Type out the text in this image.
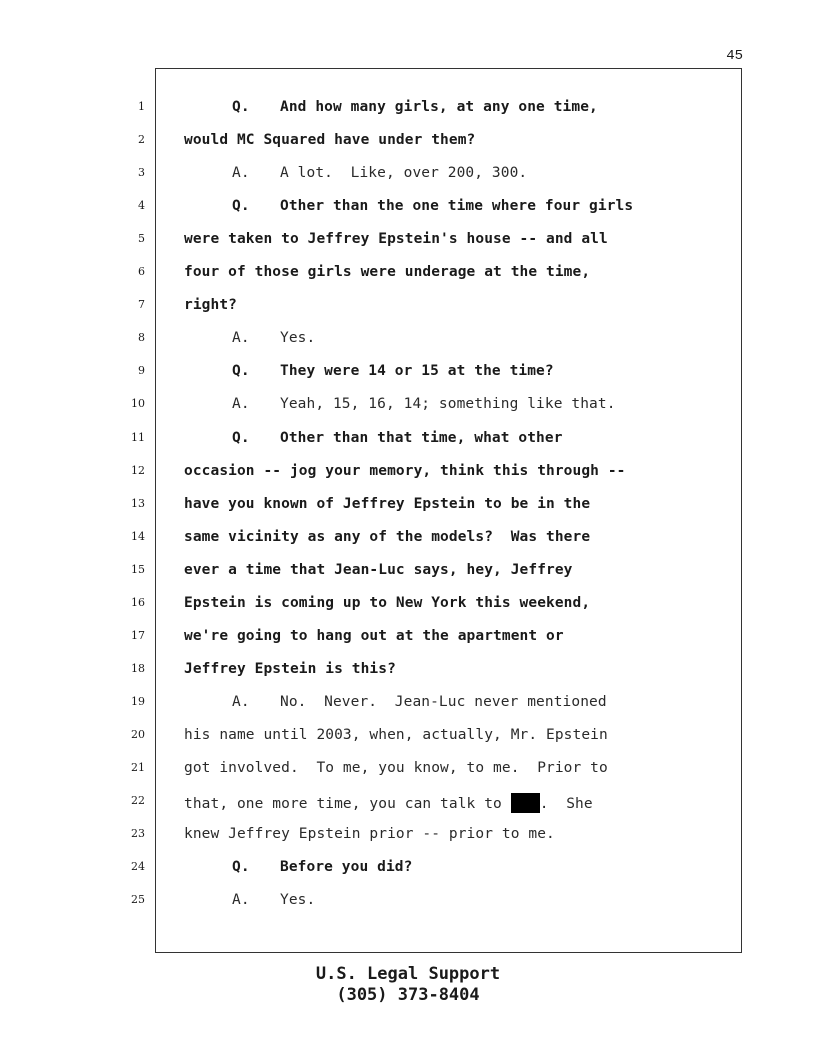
45
1
2
3
4
5
6
7
8
9
10
11
12
13
14
15
16
17
18
19
20
21
22
23
24
25
Q. And how many girls, at any one time,
would MC Squared have under them?
A. A lot.  Like, over 200, 300.
Q. Other than the one time where four girls
were taken to Jeffrey Epstein's house -- and all
four of those girls were underage at the time,
right?
A. Yes.
Q. They were 14 or 15 at the time?
A. Yeah, 15, 16, 14; something like that.
Q. Other than that time, what other
occasion -- jog your memory, think this through --
have you known of Jeffrey Epstein to be in the
same vicinity as any of the models?  Was there
ever a time that Jean-Luc says, hey, Jeffrey
Epstein is coming up to New York this weekend,
we're going to hang out at the apartment or
Jeffrey Epstein is this?
A. No.  Never.  Jean-Luc never mentioned
his name until 2003, when, actually, Mr. Epstein
got involved.  To me, you know, to me.  Prior to
that, one more time, you can talk to	.  She
knew Jeffrey Epstein prior -- prior to me.
Q. Before you did?
A. Yes.
U.S. Legal Support
(305) 373-8404
